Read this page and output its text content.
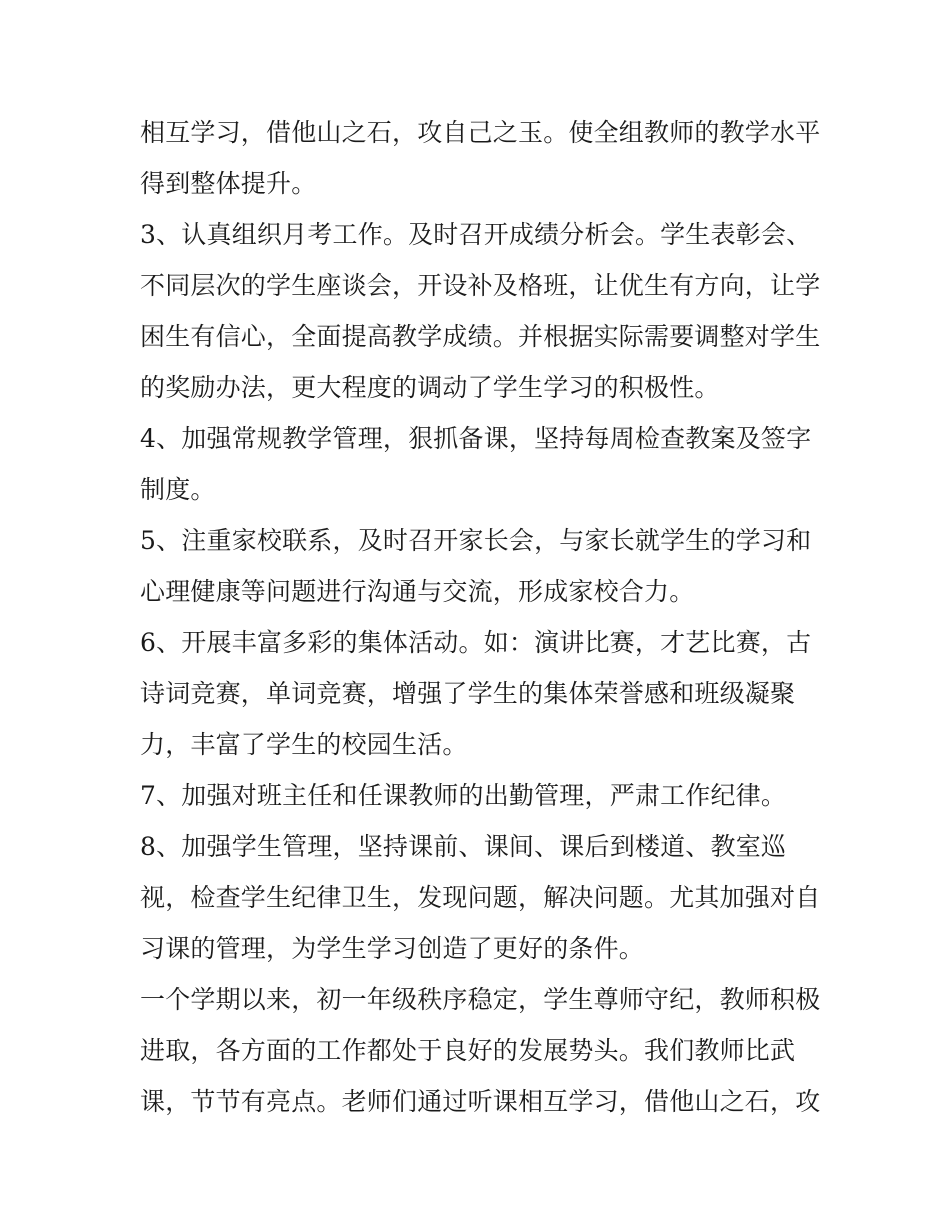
相互学习，借他山之石，攻自己之玉。使全组教师的教学水平
得到整体提升。
3、认真组织月考工作。及时召开成绩分析会。学生表彰会、
不同层次的学生座谈会，开设补及格班，让优生有方向，让学
困生有信心，全面提高教学成绩。并根据实际需要调整对学生
的奖励办法，更大程度的调动了学生学习的积极性。
4、加强常规教学管理，狠抓备课，坚持每周检查教案及签字
制度。
5、注重家校联系，及时召开家长会，与家长就学生的学习和
心理健康等问题进行沟通与交流，形成家校合力。
6、开展丰富多彩的集体活动。如：演讲比赛，才艺比赛，古
诗词竞赛，单词竞赛，增强了学生的集体荣誉感和班级凝聚
力，丰富了学生的校园生活。
7、加强对班主任和任课教师的出勤管理，严肃工作纪律。
8、加强学生管理，坚持课前、课间、课后到楼道、教室巡
视，检查学生纪律卫生，发现问题，解决问题。尤其加强对自
习课的管理，为学生学习创造了更好的条件。
一个学期以来，初一年级秩序稳定，学生尊师守纪，教师积极
进取，各方面的工作都处于良好的发展势头。我们教师比武
课，节节有亮点。老师们通过听课相互学习，借他山之石，攻
